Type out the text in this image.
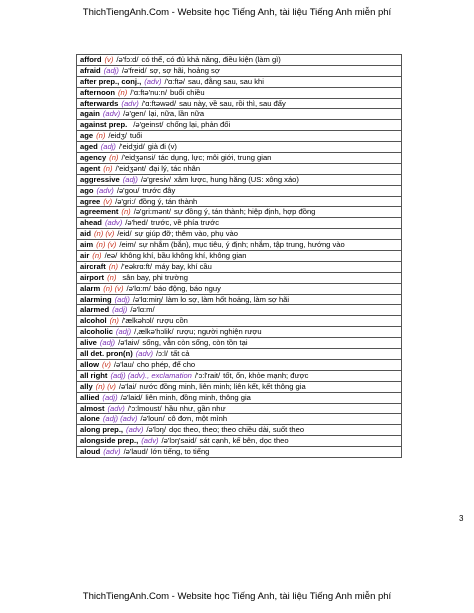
ThichTiengAnh.Com - Website học Tiếng Anh, tài liệu Tiếng Anh miễn phí
afford (v) /ə'fɔ:d/ có thể, có đủ khả năng, điều kiện (làm gì)
afraid (adj) /ə'freid/ sợ, sợ hãi, hoảng sợ
after prep., conj., (adv) /'ɑ:ftə/ sau, đằng sau, sau khi
afternoon (n) /'ɑ:ftə'nu:n/ buổi chiều
afterwards (adv) /'ɑ:ftəwəd/ sau này, về sau, rồi thì, sau đấy
again (adv) /ə'gen/ lại, nữa, lần nữa
against prep. /ə'geinst/ chống lại, phản đối
age (n) /eidʒ/ tuổi
aged (adj) /'eidʒid/ già đi (v)
agency (n) /'eidʒənsi/ tác dụng, lực; môi giới, trung gian
agent (n) /'eidʒənt/ đại lý, tác nhân
aggressive (adj) /ə'gresiv/ xâm lược, hung hăng (US: xông xáo)
ago (adv) /ə'gou/ trước đây
agree (v) /ə'gri:/ đồng ý, tán thành
agreement (n) /ə'gri:mənt/ sự đồng ý, tán thành; hiệp định, hợp đồng
ahead (adv) /ə'hed/ trước, về phía trước
aid (n) (v) /eid/ sự giúp đỡ; thêm vào, phụ vào
aim (n) (v) /eim/ sự nhắm (bắn), mục tiêu, ý định; nhắm, tập trung, hướng vào
air (n) /eə/ không khí, bầu không khí, không gian
aircraft (n) /'eəkrɑ:ft/ máy bay, khí cầu
airport (n) sân bay, phi trường
alarm (n) (v) /ə'lɑ:m/ báo động, báo nguy
alarming (adj) /ə'lɑ:miŋ/ làm lo sợ, làm hốt hoảng, làm sợ hãi
alarmed (adj) /ə'lɑ:m/
alcohol (n) /'ælkəhɔl/ rượu cồn
alcoholic (adj) /,ælkə'hɔlik/ rượu; người nghiện rượu
alive (adj) /ə'laiv/ sống, vẫn còn sống, còn tồn tại
all det. pron(n) (adv) /ɔ:l/ tất cả
allow (v) /ə'lau/ cho phép, để cho
all right (adj) (adv)., exclamation /'ɔ:l'rait/ tốt, ổn, khỏe mạnh; được
ally (n) (v) /ə'lai/ nước đồng minh, liên minh; liên kết, kết thông gia
allied (adj) /ə'laid/ liên minh, đồng minh, thông gia
almost (adv) /'ɔ:lmoust/ hầu như, gần như
alone (adj) (adv) /ə'loun/ cô đơn, một mình
along prep., (adv) /ə'lɔŋ/ dọc theo, theo; theo chiều dài, suốt theo
alongside prep., (adv) /ə'lɔŋ'said/ sát cạnh, kế bên, dọc theo
aloud (adv) /ə'laud/ lớn tiếng, to tiếng
3
ThichTiengAnh.Com - Website học Tiếng Anh, tài liệu Tiếng Anh miễn phí
